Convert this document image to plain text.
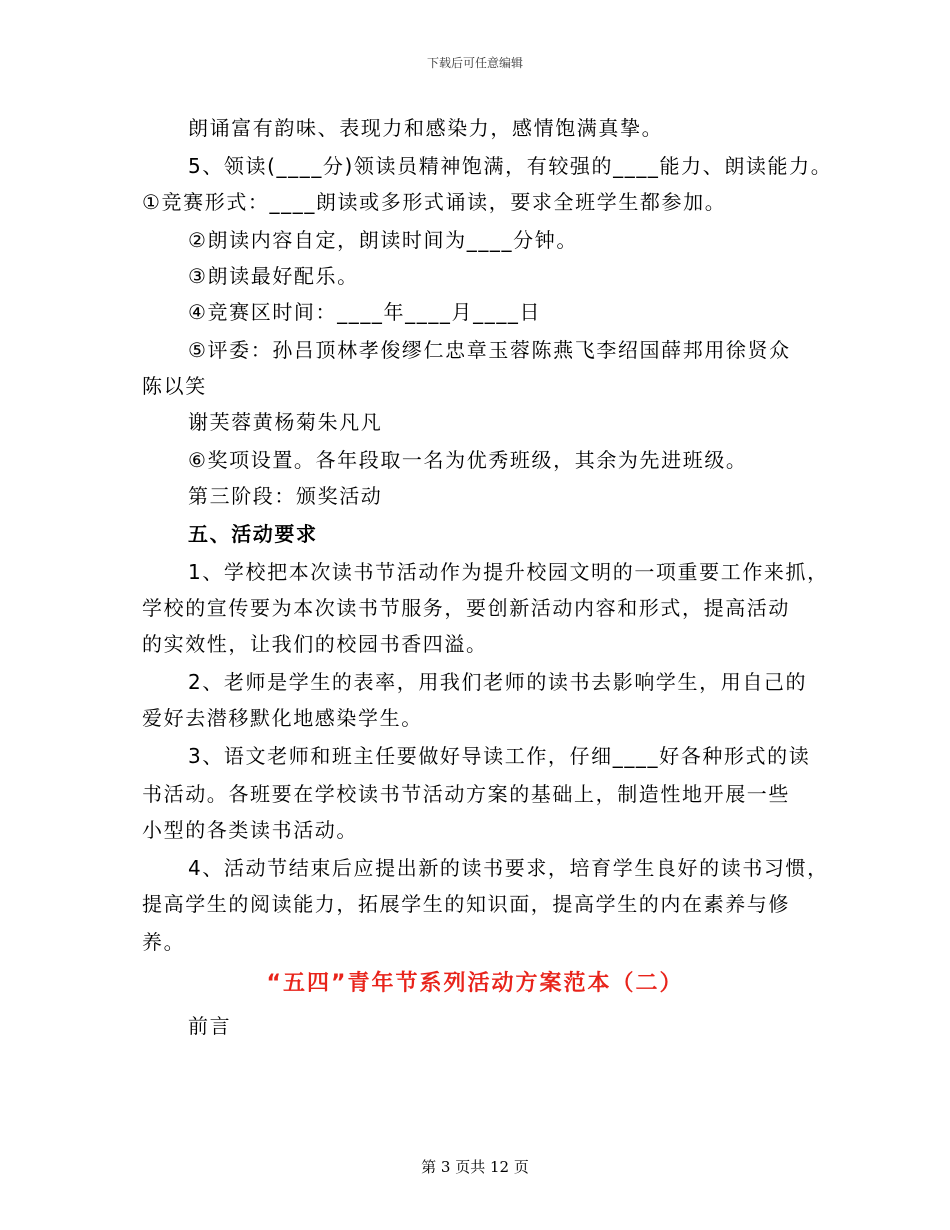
下载后可任意编辑
朗诵富有韵味、表现力和感染力，感情饱满真挚。
5、领读(____分)领读员精神饱满，有较强的____能力、朗读能力。
①竞赛形式：____朗读或多形式诵读，要求全班学生都参加。
②朗读内容自定，朗读时间为____分钟。
③朗读最好配乐。
④竞赛区时间：____年____月____日
⑤评委：孙吕顶林孝俊缪仁忠章玉蓉陈燕飞李绍国薛邦用徐贤众
陈以笑
谢芙蓉黄杨菊朱凡凡
⑥奖项设置。各年段取一名为优秀班级，其余为先进班级。
第三阶段：颁奖活动
五、活动要求
1、学校把本次读书节活动作为提升校园文明的一项重要工作来抓，
学校的宣传要为本次读书节服务，要创新活动内容和形式，提高活动
的实效性，让我们的校园书香四溢。
2、老师是学生的表率，用我们老师的读书去影响学生，用自己的
爱好去潜移默化地感染学生。
3、语文老师和班主任要做好导读工作，仔细____好各种形式的读
书活动。各班要在学校读书节活动方案的基础上，制造性地开展一些
小型的各类读书活动。
4、活动节结束后应提出新的读书要求，培育学生良好的读书习惯，
提高学生的阅读能力，拓展学生的知识面，提高学生的内在素养与修
养。
“五四”青年节系列活动方案范本（二）
前言
第 3 页共 12 页
